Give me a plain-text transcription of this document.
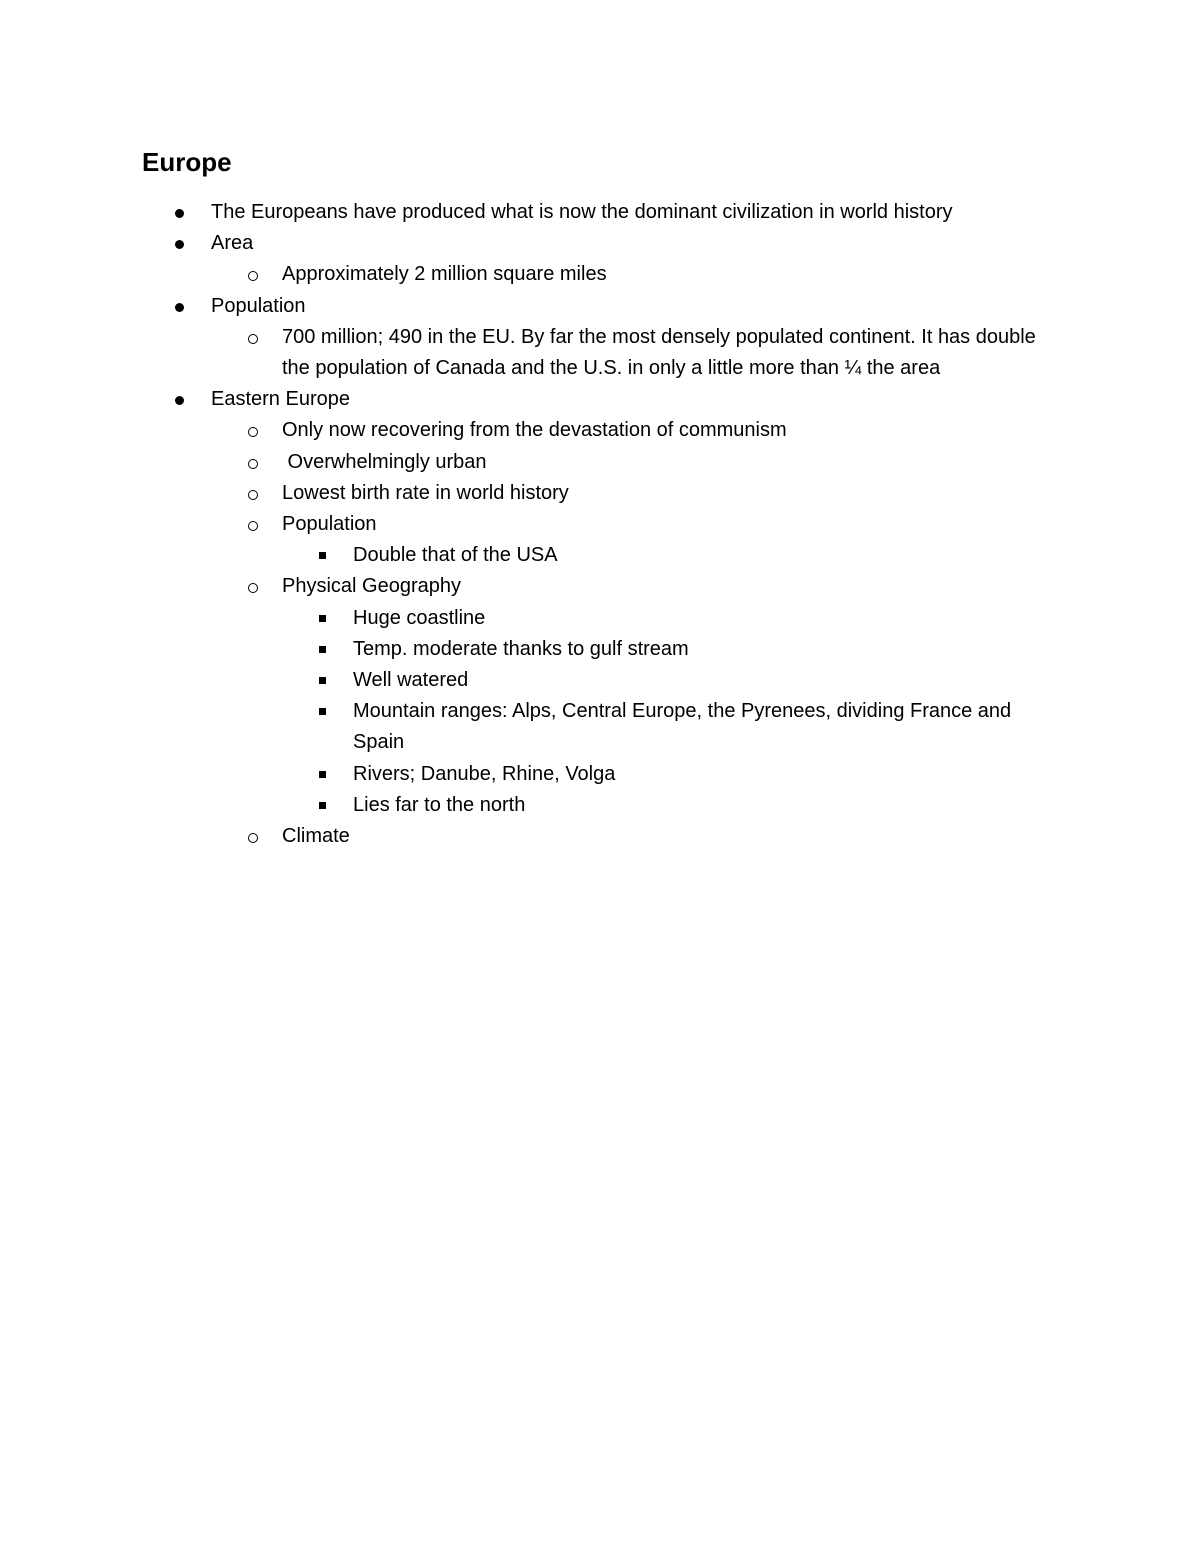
Europe
The Europeans have produced what is now the dominant civilization in world history
Area
Approximately 2 million square miles
Population
700 million; 490 in the EU. By far the most densely populated continent. It has double the population of Canada and the U.S. in only a little more than ¼ the area
Eastern Europe
Only now recovering from the devastation of communism
Overwhelmingly urban
Lowest birth rate in world history
Population
Double that of the USA
Physical Geography
Huge coastline
Temp. moderate thanks to gulf stream
Well watered
Mountain ranges: Alps, Central Europe, the Pyrenees, dividing France and Spain
Rivers; Danube, Rhine, Volga
Lies far to the north
Climate
